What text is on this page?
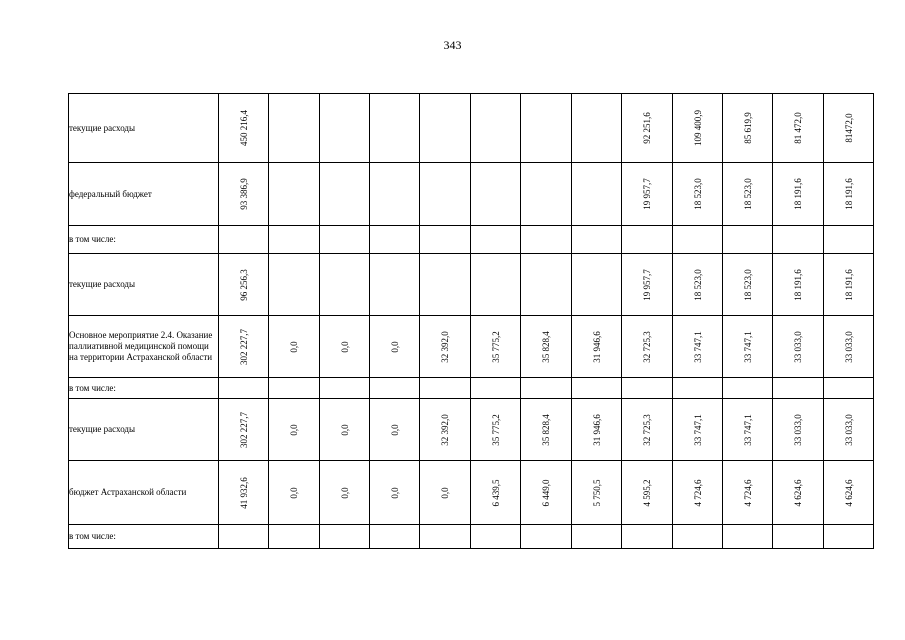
343
текущие расходы	450 216,4								92 251,6	109 400,9	85 619,9	81 472,0	81472,0

федеральный бюджет	93 386,9								19 957,7	18 523,0	18 523,0	18 191,6	18 191,6

в том числе:	

текущие расходы	96 256,3								19 957,7	18 523,0	18 523,0	18 191,6	18 191,6

Основное мероприятие 2.4. Оказание паллиативной медицинской помощи на территории Астраханской области	302 227,7	0,0	0,0	0,0	32 392,0	35 775,2	35 828,4	31 946,6	32 725,3	33 747,1	33 747,1	33 033,0	33 033,0

в том числе:	

текущие расходы	302 227,7	0,0	0,0	0,0	32 392,0	35 775,2	35 828,4	31 946,6	32 725,3	33 747,1	33 747,1	33 033,0	33 033,0

бюджет Астраханской области	41 932,6	0,0	0,0	0,0	0,0	6 439,5	6 449,0	5 750,5	4 595,2	4 724,6	4 724,6	4 624,6	4 624,6

в том числе:	
